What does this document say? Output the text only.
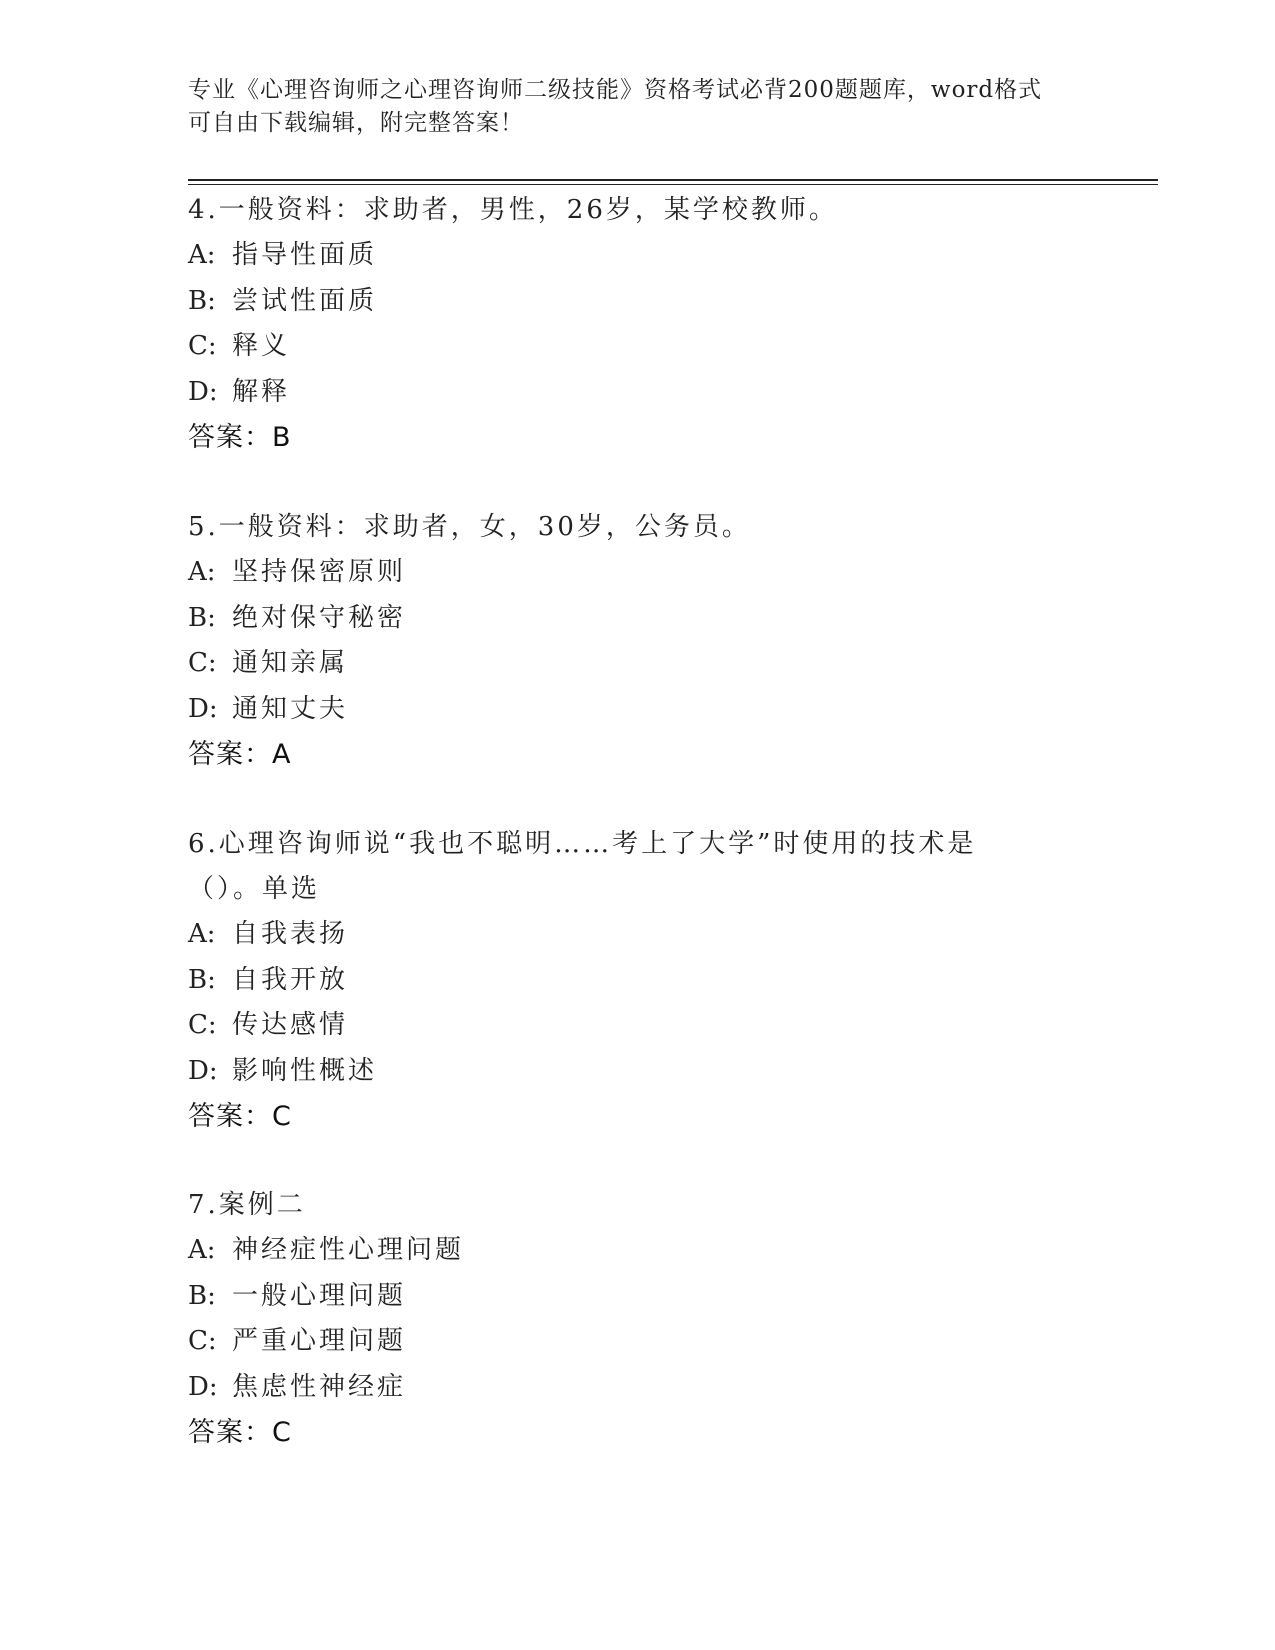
专业《心理咨询师之心理咨询师二级技能》资格考试必背200题题库，word格式
可自由下载编辑，附完整答案！
4.一般资料：求助者，男性，26岁，某学校教师。
A: 指导性面质
B: 尝试性面质
C: 释义
D: 解释
答案：B
5.一般资料：求助者，女，30岁，公务员。
A: 坚持保密原则
B: 绝对保守秘密
C: 通知亲属
D: 通知丈夫
答案：A
6.心理咨询师说“我也不聪明……考上了大学”时使用的技术是（）。单选
A: 自我表扬
B: 自我开放
C: 传达感情
D: 影响性概述
答案：C
7.案例二
A: 神经症性心理问题
B: 一般心理问题
C: 严重心理问题
D: 焦虑性神经症
答案：C
